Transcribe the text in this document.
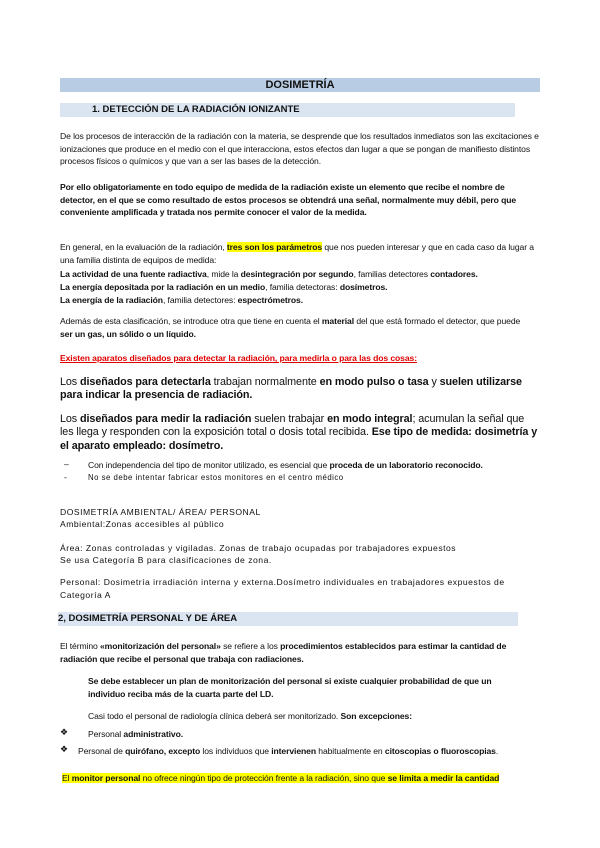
DOSIMETRÍA
1. DETECCIÓN DE LA RADIACIÓN IONIZANTE
De los procesos de interacción de la radiación con la materia, se desprende que los resultados inmediatos son las excitaciones e ionizaciones que produce en el medio con el que interacciona, estos efectos dan lugar a que se pongan de manifiesto distintos procesos físicos o químicos y que van a ser las bases de la detección.
Por ello obligatoriamente en todo equipo de medida de la radiación existe un elemento que recibe el nombre de detector, en el que se como resultado de estos procesos se obtendrá una señal, normalmente muy débil, pero que conveniente amplificada y tratada nos permite conocer el valor de la medida.
En general, en la evaluación de la radiación, tres son los parámetros que nos pueden interesar y que en cada caso da lugar a una familia distinta de equipos de medida:
La actividad de una fuente radiactiva, mide la desintegración por segundo, familias detectores contadores.
La energía depositada por la radiación en un medio, familia detectoras: dosímetros.
La energía de la radiación, familia detectores: espectrómetros.
Además de esta clasificación, se introduce otra que tiene en cuenta el material del que está formado el detector, que puede ser un gas, un sólido o un líquido.
Existen aparatos diseñados para detectar la radiación, para medirla o para las dos cosas:
Los diseñados para detectarla trabajan normalmente en modo pulso o tasa y suelen utilizarse para indicar la presencia de radiación.
Los diseñados para medir la radiación suelen trabajar en modo integral; acumulan la señal que les llega y responden con la exposición total o dosis total recibida. Ese tipo de medida: dosimetría y el aparato empleado: dosímetro.
– Con independencia del tipo de monitor utilizado, es esencial que proceda de un laboratorio reconocido.
-	No se debe intentar fabricar estos monitores en el centro médico
DOSIMETRÍA AMBIENTAL/ ÁREA/ PERSONAL
Ambiental:Zonas accesibles al público
Área: Zonas controladas y vigiladas. Zonas de trabajo ocupadas por trabajadores expuestos
Se usa Categoría B para clasificaciones de zona.
Personal: Dosimetría irradiación interna y externa.Dosímetro individuales en trabajadores expuestos de Categoría A
2, DOSIMETRÍA PERSONAL Y DE ÁREA
El término «monitorización del personal» se refiere a los procedimientos establecidos para estimar la cantidad de radiación que recibe el personal que trabaja con radiaciones.
Se debe establecer un plan de monitorización del personal si existe cualquier probabilidad de que un individuo reciba más de la cuarta parte del LD.
Casi todo el personal de radiología clínica deberá ser monitorizado. Son excepciones:
❖ Personal administrativo.
❖ Personal de quirófano, excepto los individuos que intervienen habitualmente en citoscopias o fluoroscopias.
El monitor personal no ofrece ningún tipo de protección frente a la radiación, sino que se limita a medir la cantidad
